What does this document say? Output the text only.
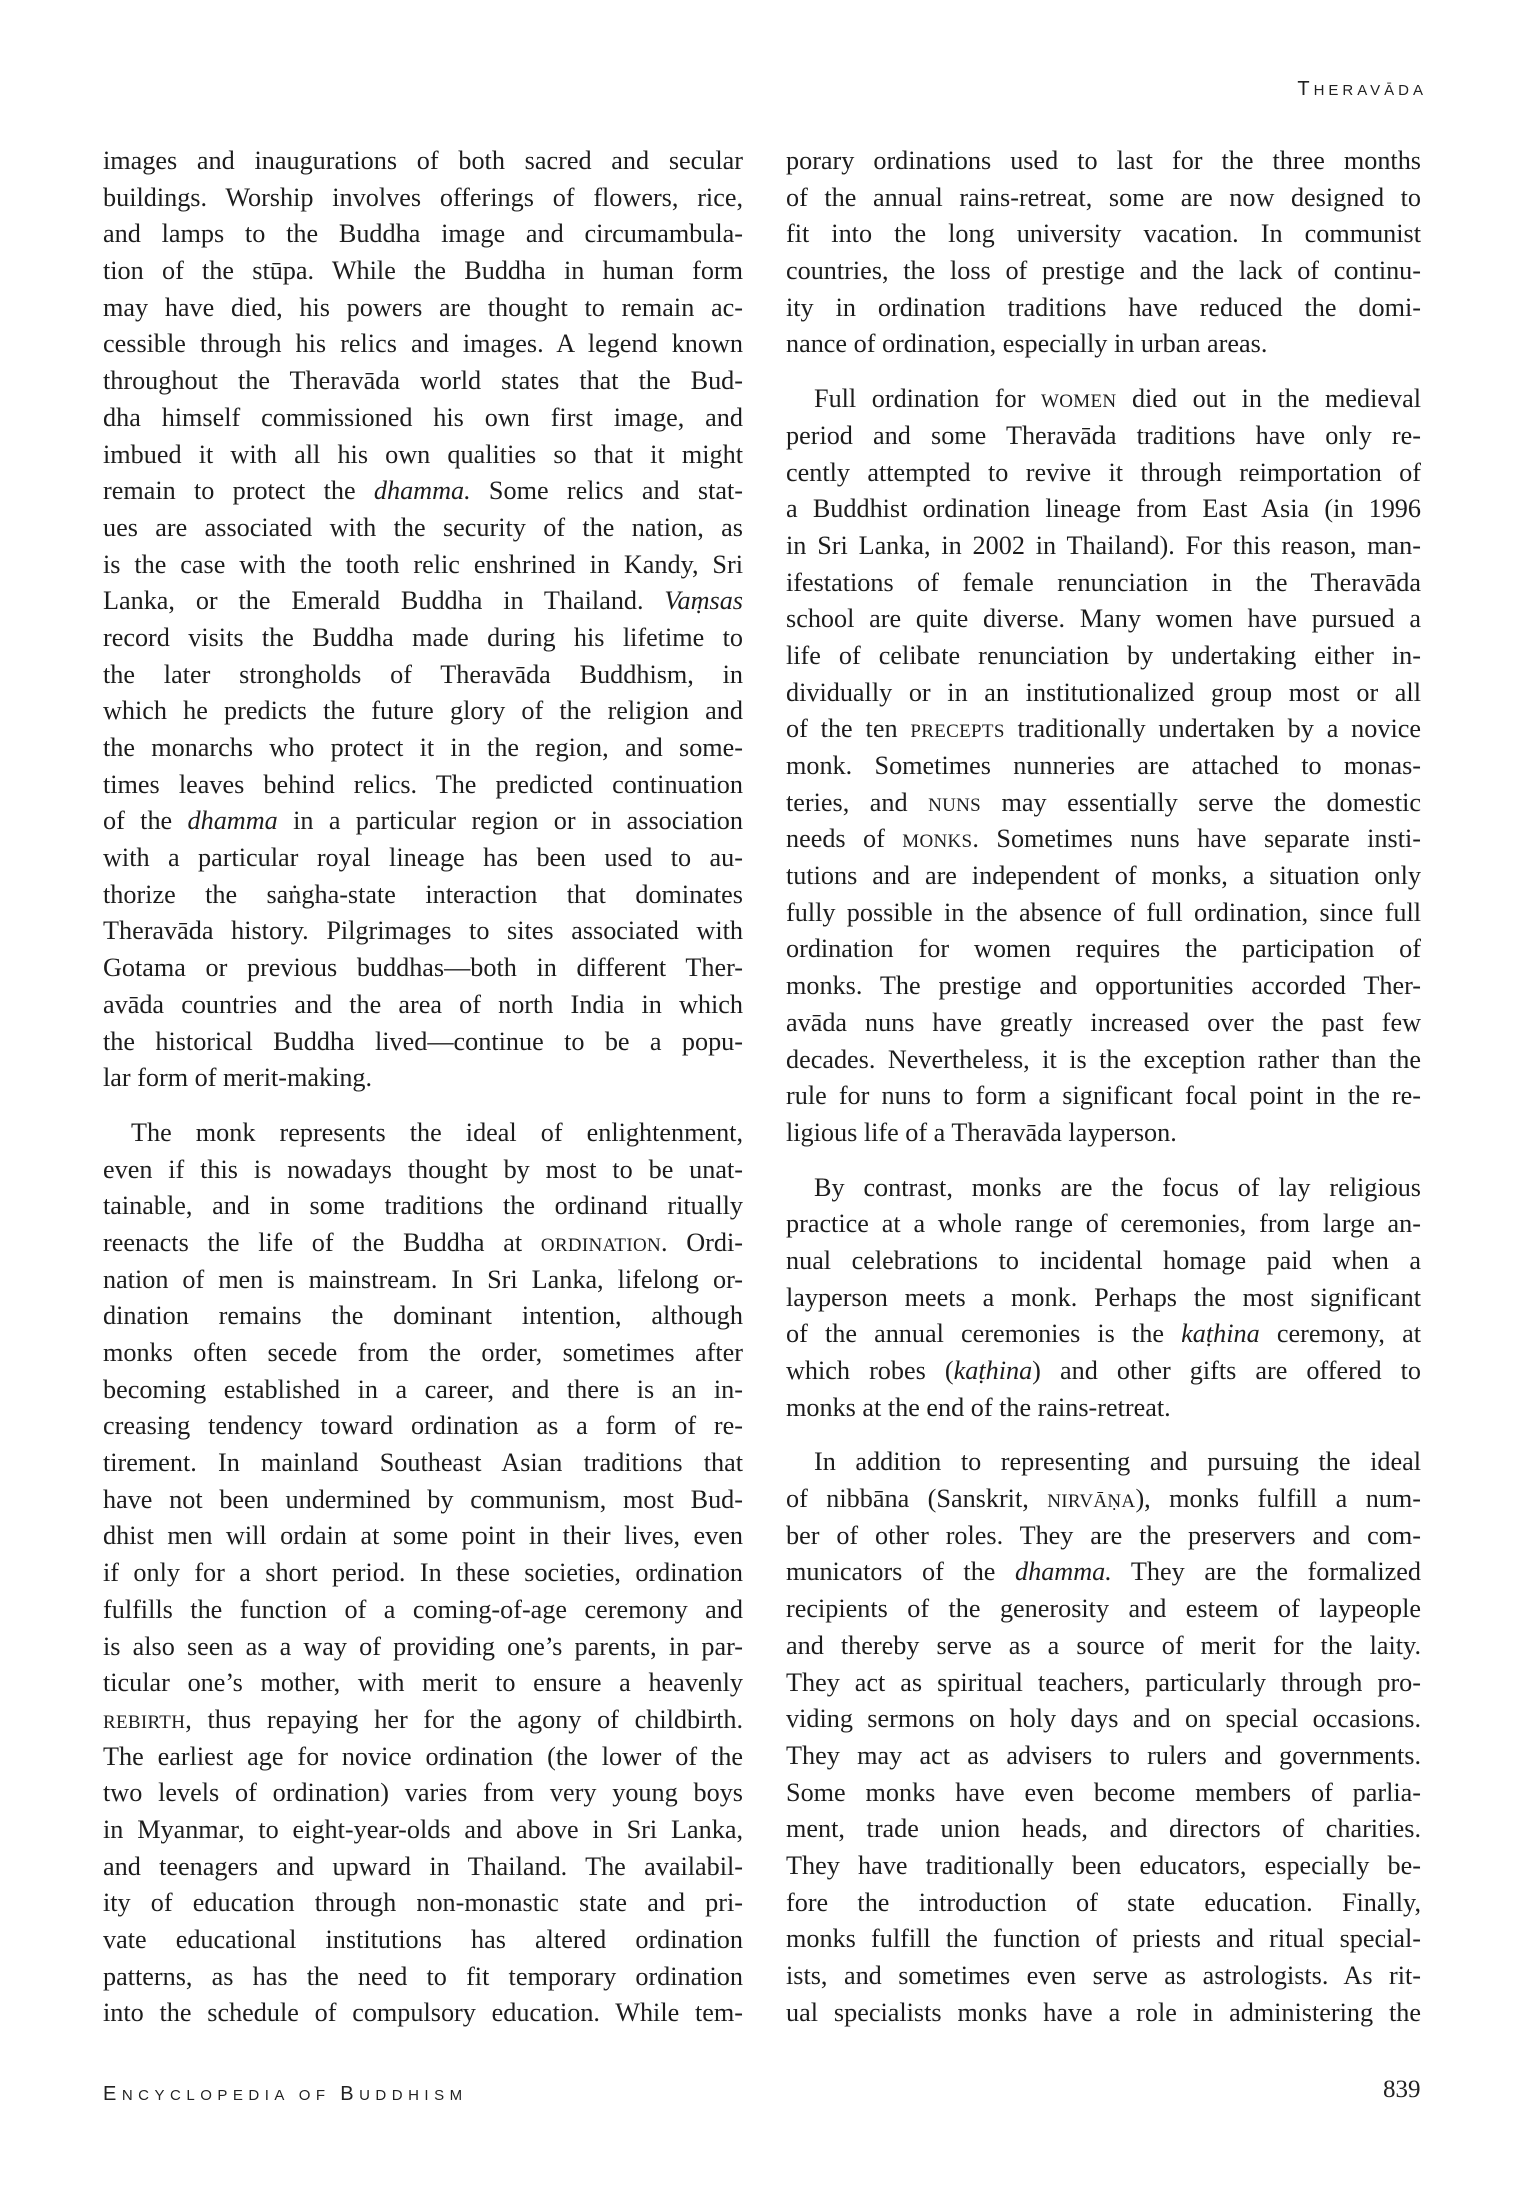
THERAVĀDA
images and inaugurations of both sacred and secular
buildings. Worship involves offerings of flowers, rice,
and lamps to the Buddha image and circumambula-
tion of the stūpa. While the Buddha in human form
may have died, his powers are thought to remain ac-
cessible through his relics and images. A legend known
throughout the Theravāda world states that the Bud-
dha himself commissioned his own first image, and
imbued it with all his own qualities so that it might
remain to protect the dhamma. Some relics and stat-
ues are associated with the security of the nation, as
is the case with the tooth relic enshrined in Kandy, Sri
Lanka, or the Emerald Buddha in Thailand. Vaṃsas
record visits the Buddha made during his lifetime to
the later strongholds of Theravāda Buddhism, in
which he predicts the future glory of the religion and
the monarchs who protect it in the region, and some-
times leaves behind relics. The predicted continuation
of the dhamma in a particular region or in association
with a particular royal lineage has been used to au-
thorize the saṅgha-state interaction that dominates
Theravāda history. Pilgrimages to sites associated with
Gotama or previous buddhas—both in different Ther-
avāda countries and the area of north India in which
the historical Buddha lived—continue to be a popu-
lar form of merit-making.
The monk represents the ideal of enlightenment,
even if this is nowadays thought by most to be unat-
tainable, and in some traditions the ordinand ritually
reenacts the life of the Buddha at ORDINATION. Ordi-
nation of men is mainstream. In Sri Lanka, lifelong or-
dination remains the dominant intention, although
monks often secede from the order, sometimes after
becoming established in a career, and there is an in-
creasing tendency toward ordination as a form of re-
tirement. In mainland Southeast Asian traditions that
have not been undermined by communism, most Bud-
dhist men will ordain at some point in their lives, even
if only for a short period. In these societies, ordination
fulfills the function of a coming-of-age ceremony and
is also seen as a way of providing one’s parents, in par-
ticular one’s mother, with merit to ensure a heavenly
REBIRTH, thus repaying her for the agony of childbirth.
The earliest age for novice ordination (the lower of the
two levels of ordination) varies from very young boys
in Myanmar, to eight-year-olds and above in Sri Lanka,
and teenagers and upward in Thailand. The availabil-
ity of education through non-monastic state and pri-
vate educational institutions has altered ordination
patterns, as has the need to fit temporary ordination
into the schedule of compulsory education. While tem-
porary ordinations used to last for the three months
of the annual rains-retreat, some are now designed to
fit into the long university vacation. In communist
countries, the loss of prestige and the lack of continu-
ity in ordination traditions have reduced the domi-
nance of ordination, especially in urban areas.
Full ordination for WOMEN died out in the medieval
period and some Theravāda traditions have only re-
cently attempted to revive it through reimportation of
a Buddhist ordination lineage from East Asia (in 1996
in Sri Lanka, in 2002 in Thailand). For this reason, man-
ifestations of female renunciation in the Theravāda
school are quite diverse. Many women have pursued a
life of celibate renunciation by undertaking either in-
dividually or in an institutionalized group most or all
of the ten PRECEPTS traditionally undertaken by a novice
monk. Sometimes nunneries are attached to monas-
teries, and NUNS may essentially serve the domestic
needs of MONKS. Sometimes nuns have separate insti-
tutions and are independent of monks, a situation only
fully possible in the absence of full ordination, since full
ordination for women requires the participation of
monks. The prestige and opportunities accorded Ther-
avāda nuns have greatly increased over the past few
decades. Nevertheless, it is the exception rather than the
rule for nuns to form a significant focal point in the re-
ligious life of a Theravāda layperson.
By contrast, monks are the focus of lay religious
practice at a whole range of ceremonies, from large an-
nual celebrations to incidental homage paid when a
layperson meets a monk. Perhaps the most significant
of the annual ceremonies is the kaṭhina ceremony, at
which robes (kaṭhina) and other gifts are offered to
monks at the end of the rains-retreat.
In addition to representing and pursuing the ideal
of nibbāna (Sanskrit, NIRVĀṆA), monks fulfill a num-
ber of other roles. They are the preservers and com-
municators of the dhamma. They are the formalized
recipients of the generosity and esteem of laypeople
and thereby serve as a source of merit for the laity.
They act as spiritual teachers, particularly through pro-
viding sermons on holy days and on special occasions.
They may act as advisers to rulers and governments.
Some monks have even become members of parlia-
ment, trade union heads, and directors of charities.
They have traditionally been educators, especially be-
fore the introduction of state education. Finally,
monks fulfill the function of priests and ritual special-
ists, and sometimes even serve as astrologists. As rit-
ual specialists monks have a role in administering the
ENCYCLOPEDIA OF BUDDHISM	839
